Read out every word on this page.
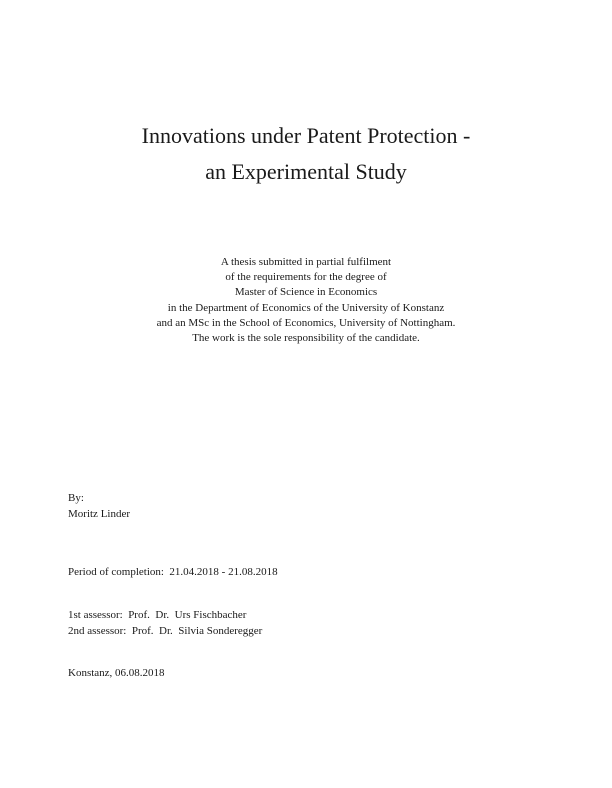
Innovations under Patent Protection -
an Experimental Study
A thesis submitted in partial fulfilment
of the requirements for the degree of
Master of Science in Economics
in the Department of Economics of the University of Konstanz
and an MSc in the School of Economics, University of Nottingham.
The work is the sole responsibility of the candidate.
By:
Moritz Linder
Period of completion:  21.04.2018 - 21.08.2018
1st assessor:  Prof.  Dr.  Urs Fischbacher
2nd assessor:  Prof.  Dr.  Silvia Sonderegger
Konstanz, 06.08.2018
